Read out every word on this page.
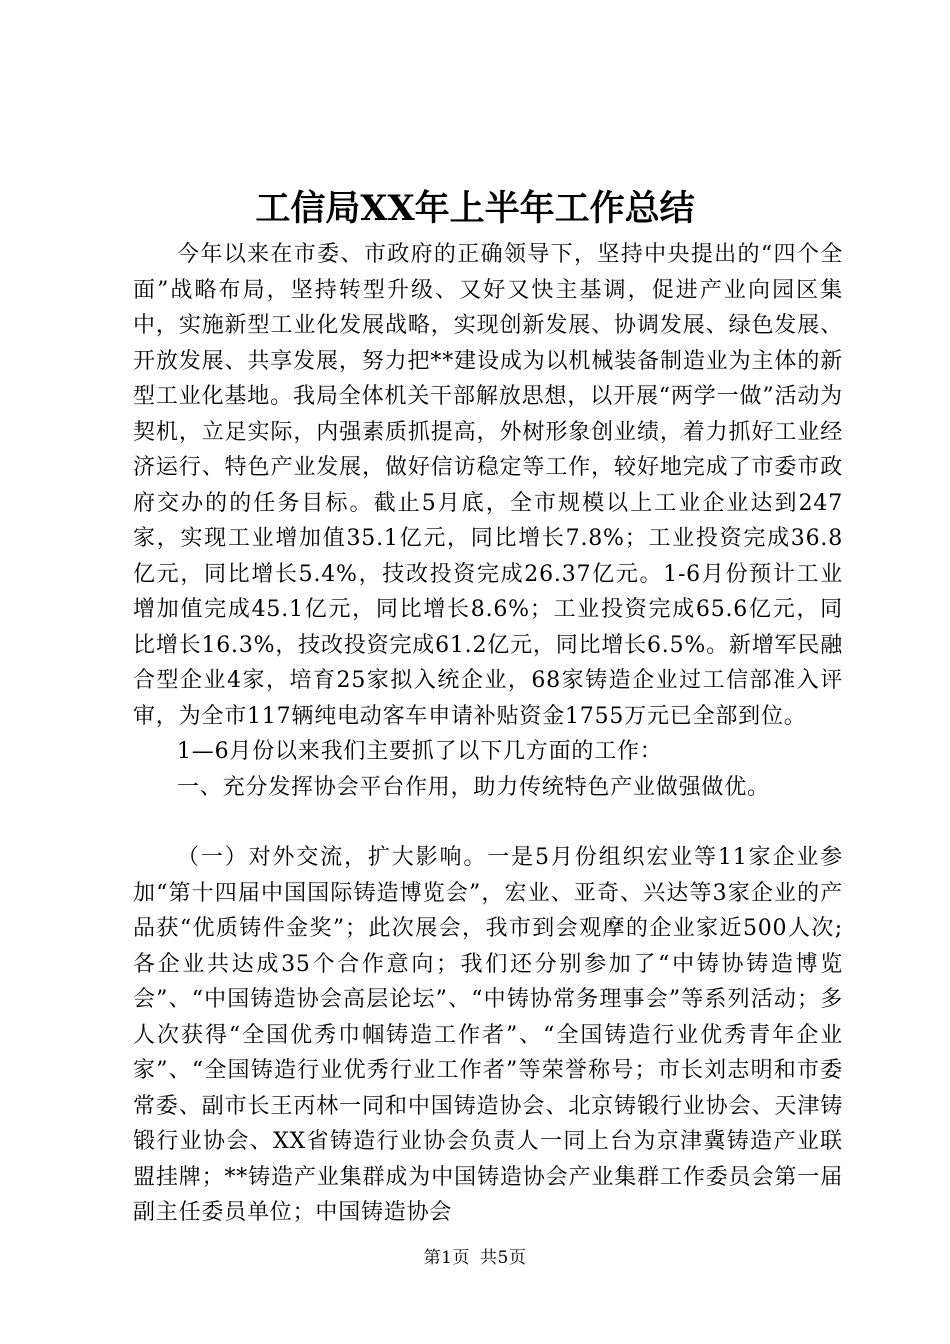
工信局XX年上半年工作总结

今年以来在市委、市政府的正确领导下，坚持中央提出的“四个全面”战略布局，坚持转型升级、又好又快主基调，促进产业向园区集中，实施新型工业化发展战略，实现创新发展、协调发展、绿色发展、开放发展、共享发展，努力把**建设成为以机械装备制造业为主体的新型工业化基地。我局全体机关干部解放思想，以开展“两学一做”活动为契机，立足实际，内强素质抓提高，外树形象创业绩，着力抓好工业经济运行、特色产业发展，做好信访稳定等工作，较好地完成了市委市政府交办的的任务目标。截止5月底，全市规模以上工业企业达到247家，实现工业增加值35.1亿元，同比增长7.8%；工业投资完成36.8亿元，同比增长5.4%，技改投资完成26.37亿元。1-6月份预计工业增加值完成45.1亿元，同比增长8.6%；工业投资完成65.6亿元，同比增长16.3%，技改投资完成61.2亿元，同比增长6.5%。新增军民融合型企业4家，培育25家拟入统企业，68家铸造企业过工信部准入评审，为全市117辆纯电动客车申请补贴资金1755万元已全部到位。

1—6月份以来我们主要抓了以下几方面的工作：

一、充分发挥协会平台作用，助力传统特色产业做强做优。

（一）对外交流，扩大影响。一是5月份组织宏业等11家企业参加“第十四届中国国际铸造博览会”，宏业、亚奇、兴达等3家企业的产品获“优质铸件金奖”；此次展会，我市到会观摩的企业家近500人次;各企业共达成35个合作意向；我们还分别参加了“中铸协铸造博览会”、“中国铸造协会高层论坛”、“中铸协常务理事会”等系列活动；多人次获得“全国优秀巾帼铸造工作者”、“全国铸造行业优秀青年企业家”、“全国铸造行业优秀行业工作者”等荣誉称号；市长刘志明和市委常委、副市长王丙林一同和中国铸造协会、北京铸锻行业协会、天津铸锻行业协会、XX省铸造行业协会负责人一同上台为京津冀铸造产业联盟挂牌；**铸造产业集群成为中国铸造协会产业集群工作委员会第一届副主任委员单位；中国铸造协会

第1页 共5页
